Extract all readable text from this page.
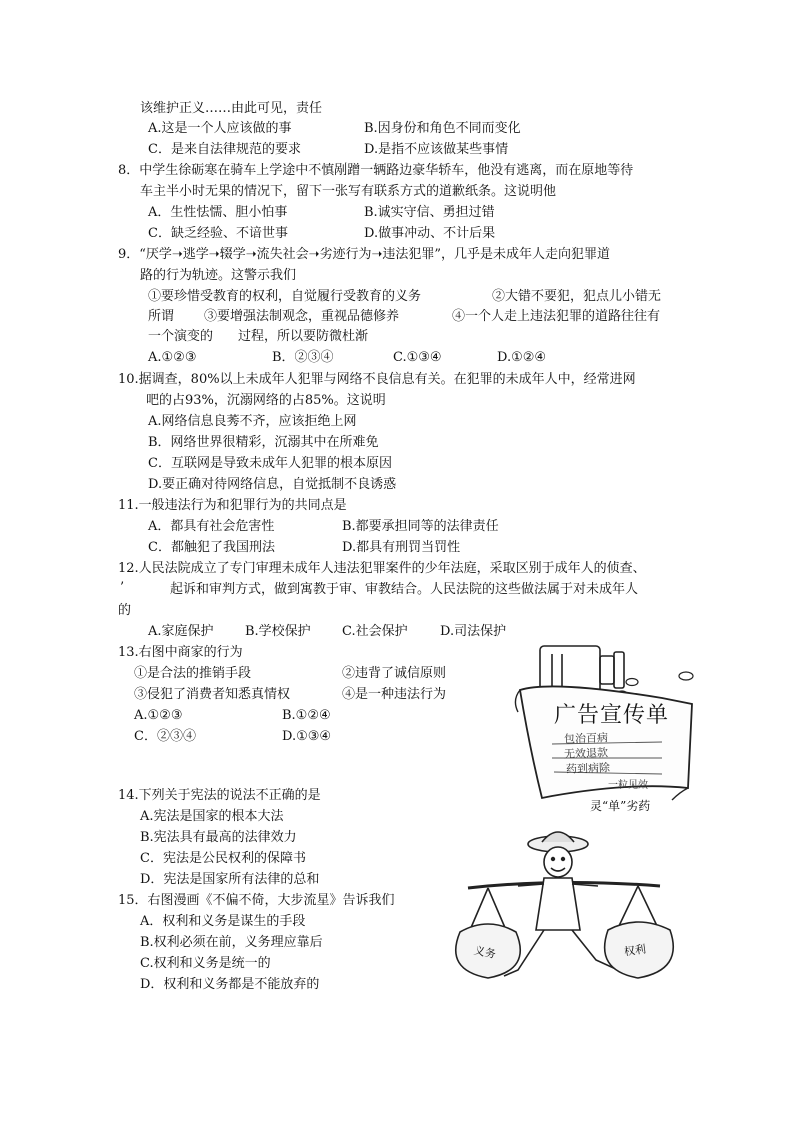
该维护正义……由此可见，责任
A.这是一个人应该做的事	B.因身份和角色不同而变化
C．是来自法律规范的要求	D.是指不应该做某些事情
8．中学生徐砺寒在骑车上学途中不慎剐蹭一辆路边豪华轿车，他没有逃离，而在原地等待
车主半小时无果的情况下，留下一张写有联系方式的道歉纸条。这说明他
A．生性怯懦、胆小怕事	B.诚实守信、勇担过错
C．缺乏经验、不谙世事	D.做事冲动、不计后果
9．“厌学➝逃学➝辍学➝流失社会➝劣迹行为➝违法犯罪”，几乎是未成年人走向犯罪道
路的行为轨迹。这警示我们
①要珍惜受教育的权利，自觉履行受教育的义务	②大错不要犯，犯点儿小错无
所谓 ③要增强法制观念，重视品德修养	④一个人走上违法犯罪的道路往往有
一个演变的 过程，所以要防微杜渐
A.①②③	B．②③④	C.①③④	D.①②④
10.据调查，80%以上未成年人犯罪与网络不良信息有关。在犯罪的未成年人中，经常进网
吧的占93%，沉溺网络的占85%。这说明
A.网络信息良莠不齐，应该拒绝上网
B．网络世界很精彩，沉溺其中在所难免
C．互联网是导致未成年人犯罪的根本原因
D.要正确对待网络信息，自觉抵制不良诱惑
11.一般违法行为和犯罪行为的共同点是
A．都具有社会危害性	B.都要承担同等的法律责任
C．都触犯了我国刑法	D.都具有刑罚当罚性
12.人民法院成立了专门审理未成年人违法犯罪案件的少年法庭，采取区别于成年人的侦查、
’	起诉和审判方式，做到寓教于审、审教结合。人民法院的这些做法属于对未成年人
的
A.家庭保护 B.学校保护 C.社会保护 D.司法保护
13.右图中商家的行为
①是合法的推销手段	②违背了诚信原则
③侵犯了消费者知悉真情权	④是一种违法行为
A.①②③	B.①②④
C．②③④	D.①③④
广告宣传单
包治百病
无效退款
药到病除
一粒见效
灵“单”劣药
14.下列关于宪法的说法不正确的是
A.宪法是国家的根本大法
B.宪法具有最高的法律效力
C．宪法是公民权利的保障书
D．宪法是国家所有法律的总和
15．右图漫画《不偏不倚，大步流星》告诉我们
A．权利和义务是谋生的手段
B.权利必须在前，义务理应靠后
C.权利和义务是统一的
D．权利和义务都是不能放弃的
义务	权利
